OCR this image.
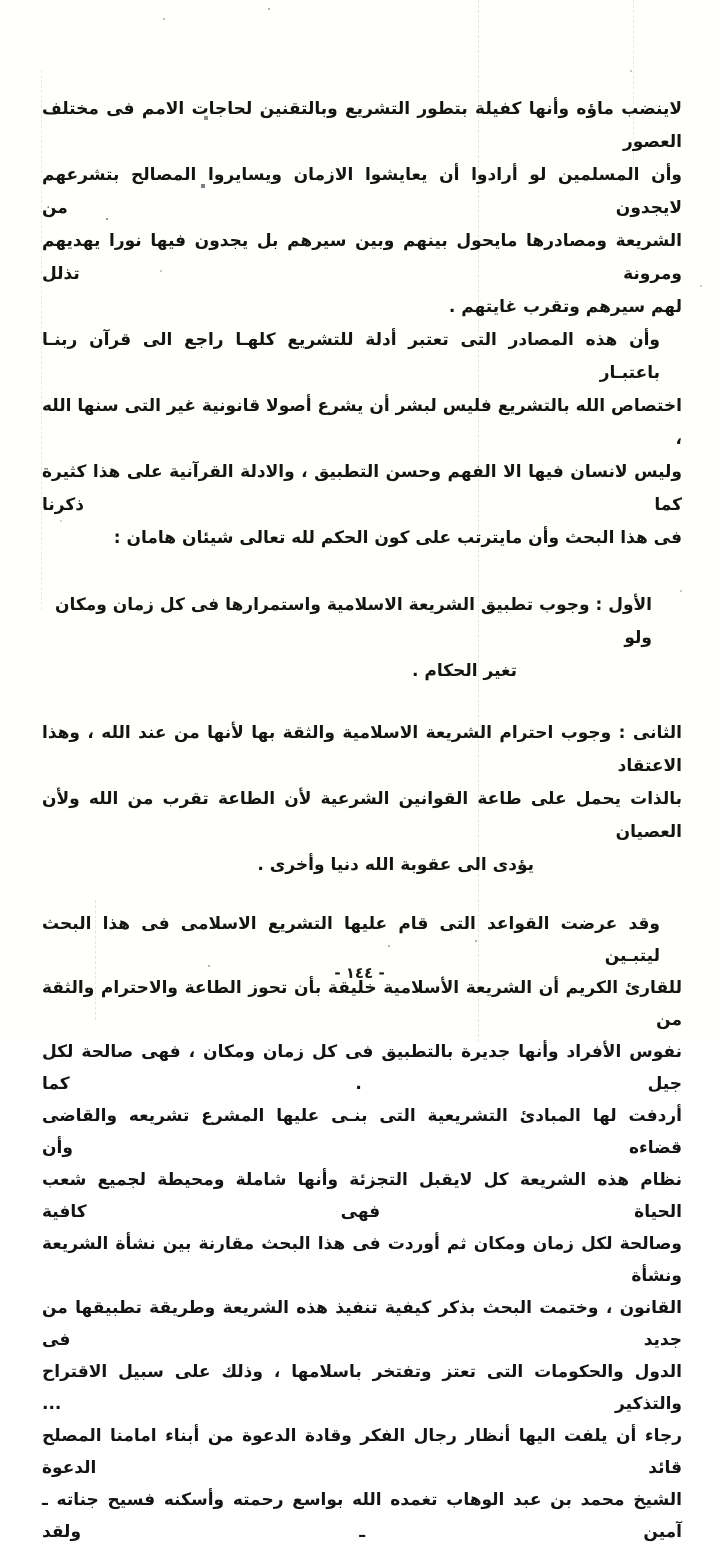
لاينضب ماؤه وأنها كفيلة بتطور التشريع وبالتقنين لحاجات الامم فى مختلف العصور
وأن المسلمين لو أرادوا أن يعايشوا الازمان ويسايروا المصالح بتشرعهم لايجدون من
الشريعة ومصادرها مايحول بينهم وبين سيرهم بل يجدون فيها نورا يهديهم ومرونة تذلل
لهم سيرهم وتقرب غايتهم .
وأن هذه المصادر التى تعتبر أدلة للتشريع كلهـا راجع الى قرآن ربنـا باعتبـار
اختصاص الله بالتشريع فليس لبشر أن يشرع أصولا قانونية غير التى سنها الله ،
وليس لانسان فيها الا الفهم وحسن التطبيق ، والادلة القرآنية على هذا كثيرة كما ذكرنا
فى هذا البحث وأن مايترتب على كون الحكم لله تعالى شيئان هامان :
الأول : وجوب تطبيق الشريعة الاسلامية واستمرارها فى كل زمان ومكان ولو
تغير الحكام .
الثانى : وجوب احترام الشريعة الاسلامية والثقة بها لأنها من عند الله ، وهذا الاعتقاد
بالذات يحمل على طاعة القوانين الشرعية لأن الطاعة تقرب من الله ولأن العصيان
يؤدى الى عقوبة الله دنيا وأخرى .
وقد عرضت القواعد التى قام عليها التشريع الاسلامى فى هذا البحث ليتبـين
للقارئ الكريم أن الشريعة الأسلامية خليقة بأن تحوز الطاعة والاحترام والثقة من
نفوس الأفراد وأنها جديرة بالتطبيق فى كل زمان ومكان ، فهى صالحة لكل جيل . كما
أردفت لها المبادئ التشريعية التى بنـى عليها المشرع تشريعه والقاضى قضاءه وأن
نظام هذه الشريعة كل لايقبل التجزئة وأنها شاملة ومحيطة لجميع شعب الحياة فهى كافية
وصالحة لكل زمان ومكان ثم أوردت فى هذا البحث مقارنة بين نشأة الشريعة ونشأة
القانون ، وختمت البحث بذكر كيفية تنفيذ هذه الشريعة وطريقة تطبيقها من جديد فى
الدول والحكومات التى تعتز وتفتخر باسلامها ، وذلك على سبيل الاقتراح والتذكير ...
رجاء أن يلفت اليها أنظار رجال الفكر وقادة الدعوة من أبناء امامنا المصلح قائد الدعوة
الشيخ محمد بن عبد الوهاب تغمده الله بواسع رحمته وأسكنه فسيح جناته ـ آمين ـ ولقد
- ١٤٤ -
